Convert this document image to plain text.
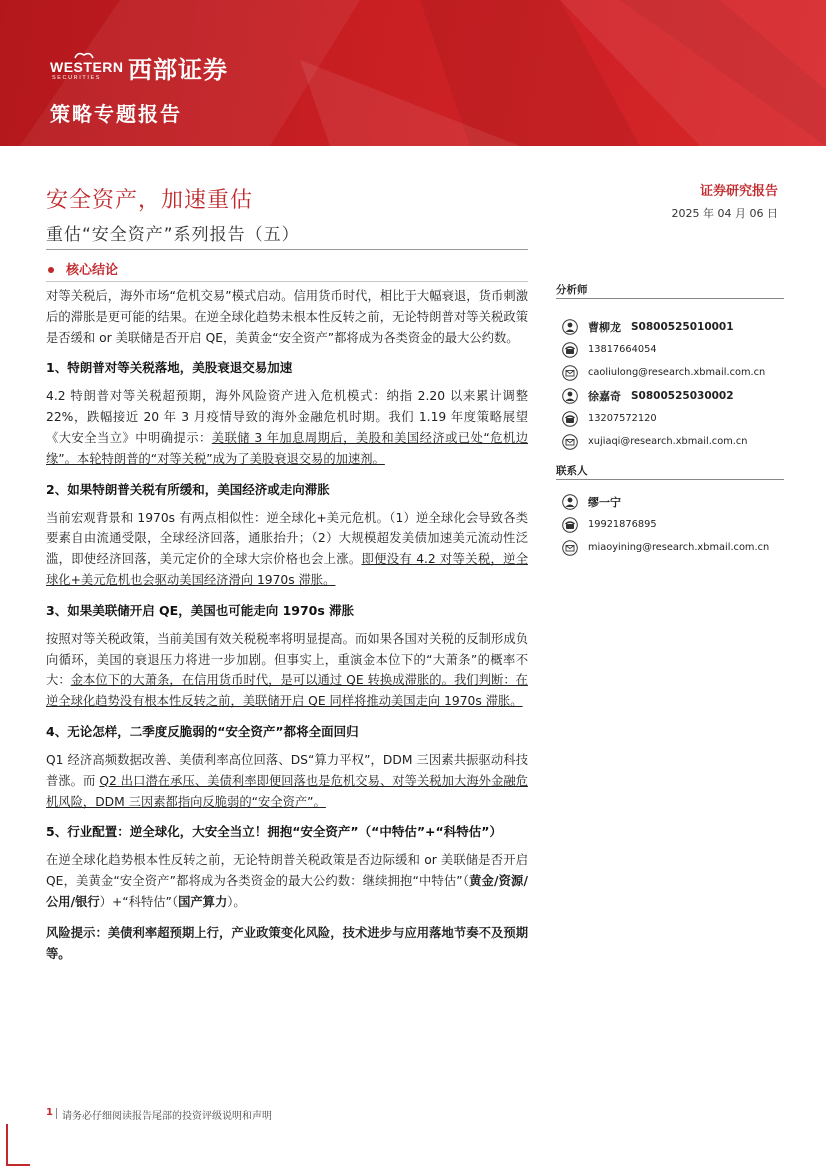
WESTERN
SECURITIES 西部证券
策略专题报告
安全资产，加速重估
重估“安全资产”系列报告（五）
证券研究报告
2025 年 04 月 06 日
核心结论

对等关税后，海外市场“危机交易”模式启动。信用货币时代，相比于大幅衰退，货币刺激后的滞胀是更可能的结果。在逆全球化趋势未根本性反转之前，无论特朗普对等关税政策是否缓和 or 美联储是否开启 QE，美黄金“安全资产”都将成为各类资金的最大公约数。

1、特朗普对等关税落地，美股衰退交易加速

4.2 特朗普对等关税超预期，海外风险资产进入危机模式：纳指 2.20 以来累计调整 22%，跌幅接近 20 年 3 月疫情导致的海外金融危机时期。我们 1.19 年度策略展望《大安全当立》中明确提示：美联储 3 年加息周期后，美股和美国经济或已处“危机边缘”。本轮特朗普的“对等关税”成为了美股衰退交易的加速剂。

2、如果特朗普关税有所缓和，美国经济或走向滞胀

当前宏观背景和 1970s 有两点相似性：逆全球化+美元危机。（1）逆全球化会导致各类要素自由流通受限，全球经济回落，通胀抬升；（2）大规模超发美债加速美元流动性泛滥，即使经济回落，美元定价的全球大宗价格也会上涨。即便没有 4.2 对等关税，逆全球化+美元危机也会驱动美国经济滑向 1970s 滞胀。

3、如果美联储开启 QE，美国也可能走向 1970s 滞胀

按照对等关税政策，当前美国有效关税税率将明显提高。而如果各国对关税的反制形成负向循环，美国的衰退压力将进一步加剧。但事实上，重演金本位下的“大萧条”的概率不大：金本位下的大萧条，在信用货币时代，是可以通过 QE 转换成滞胀的。我们判断：在逆全球化趋势没有根本性反转之前，美联储开启 QE 同样将推动美国走向 1970s 滞胀。

4、无论怎样，二季度反脆弱的“安全资产”都将全面回归

Q1 经济高频数据改善、美债利率高位回落、DS“算力平权”，DDM 三因素共振驱动科技普涨。而 Q2 出口潜在承压、美债利率即便回落也是危机交易、对等关税加大海外金融危机风险，DDM 三因素都指向反脆弱的“安全资产”。

5、行业配置：逆全球化，大安全当立！拥抱“安全资产”（“中特估”+“科特估”）

在逆全球化趋势根本性反转之前，无论特朗普关税政策是否边际缓和 or 美联储是否开启 QE，美黄金“安全资产”都将成为各类资金的最大公约数：继续拥抱“中特估”（黄金/资源/公用/银行）+“科特估”（国产算力）。

风险提示：美债利率超预期上行，产业政策变化风险，技术进步与应用落地节奏不及预期等。

分析师
曹柳龙 S0800525010001
13817664054
caoliulong@research.xbmail.com.cn
徐嘉奇 S0800525030002
13207572120
xujiaqi@research.xbmail.com.cn
联系人
缪一宁
19921876895
miaoyining@research.xbmail.com.cn
1 请务必仔细阅读报告尾部的投资评级说明和声明
